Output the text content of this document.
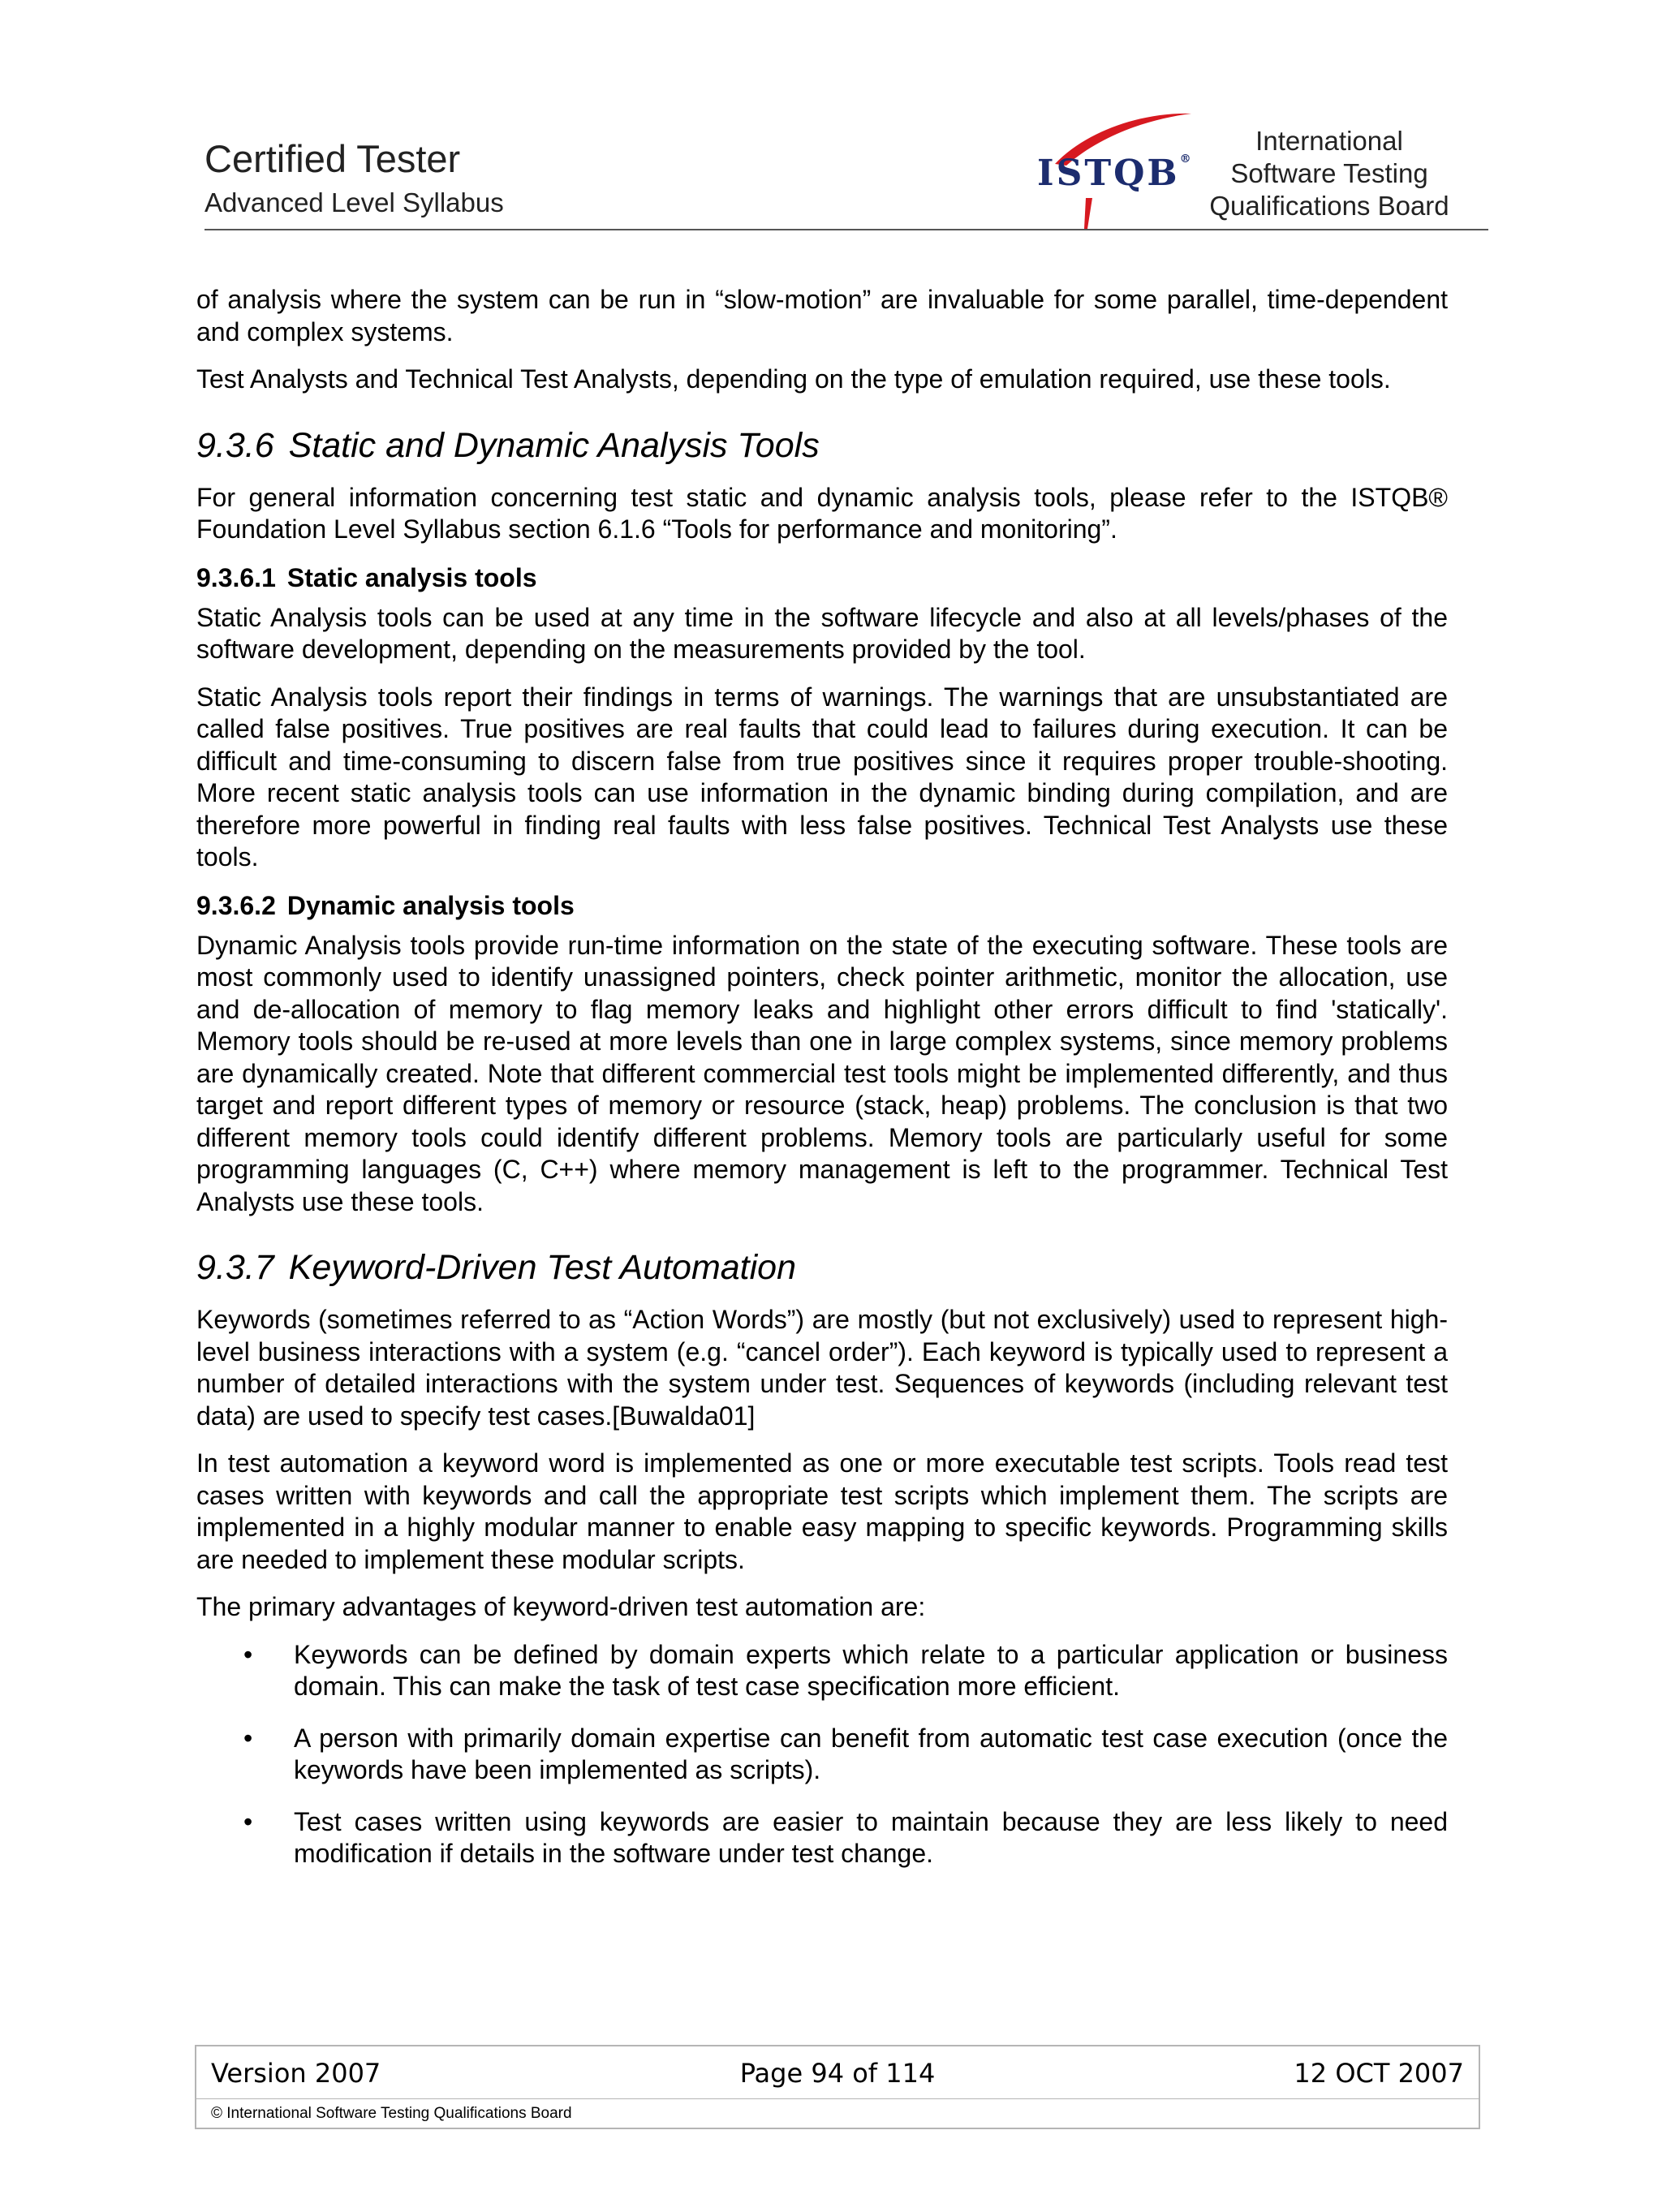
Certified Tester
Advanced Level Syllabus
ISTQB®
International
Software Testing
Qualifications Board

of analysis where the system can be run in “slow-motion” are invaluable for some parallel, time-dependent and complex systems.

Test Analysts and Technical Test Analysts, depending on the type of emulation required, use these tools.

9.3.6 Static and Dynamic Analysis Tools

For general information concerning test static and dynamic analysis tools, please refer to the ISTQB® Foundation Level Syllabus section 6.1.6 “Tools for performance and monitoring”.

9.3.6.1 Static analysis tools

Static Analysis tools can be used at any time in the software lifecycle and also at all levels/phases of the software development, depending on the measurements provided by the tool.

Static Analysis tools report their findings in terms of warnings. The warnings that are unsubstantiated are called false positives. True positives are real faults that could lead to failures during execution. It can be difficult and time-consuming to discern false from true positives since it requires proper trouble-shooting. More recent static analysis tools can use information in the dynamic binding during compilation, and are therefore more powerful in finding real faults with less false positives. Technical Test Analysts use these tools.

9.3.6.2 Dynamic analysis tools

Dynamic Analysis tools provide run-time information on the state of the executing software. These tools are most commonly used to identify unassigned pointers, check pointer arithmetic, monitor the allocation, use and de-allocation of memory to flag memory leaks and highlight other errors difficult to find 'statically'. Memory tools should be re-used at more levels than one in large complex systems, since memory problems are dynamically created. Note that different commercial test tools might be implemented differently, and thus target and report different types of memory or resource (stack, heap) problems. The conclusion is that two different memory tools could identify different problems. Memory tools are particularly useful for some programming languages (C, C++) where memory management is left to the programmer. Technical Test Analysts use these tools.

9.3.7 Keyword-Driven Test Automation

Keywords (sometimes referred to as “Action Words”) are mostly (but not exclusively) used to represent high-level business interactions with a system (e.g. “cancel order”). Each keyword is typically used to represent a number of detailed interactions with the system under test. Sequences of keywords (including relevant test data) are used to specify test cases.[Buwalda01]

In test automation a keyword word is implemented as one or more executable test scripts. Tools read test cases written with keywords and call the appropriate test scripts which implement them. The scripts are implemented in a highly modular manner to enable easy mapping to specific keywords. Programming skills are needed to implement these modular scripts.

The primary advantages of keyword-driven test automation are:

• Keywords can be defined by domain experts which relate to a particular application or business domain. This can make the task of test case specification more efficient.
• A person with primarily domain expertise can benefit from automatic test case execution (once the keywords have been implemented as scripts).
• Test cases written using keywords are easier to maintain because they are less likely to need modification if details in the software under test change.
Version 2007	Page 94 of 114	12 OCT 2007
© International Software Testing Qualifications Board
